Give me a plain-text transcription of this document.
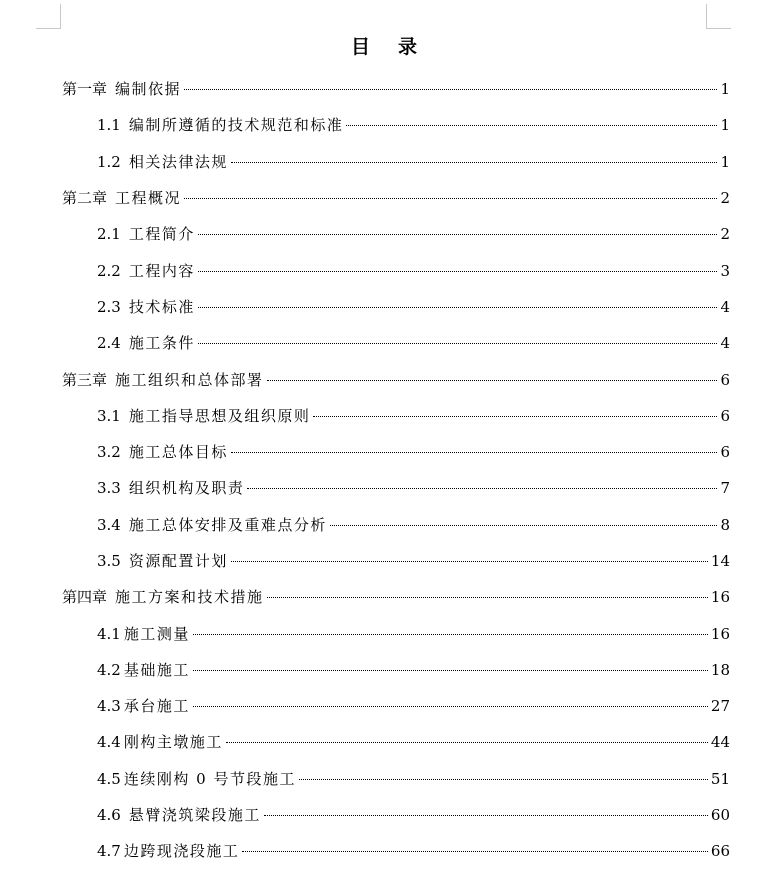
目 录
第一章 编制依据	1
1.1 编制所遵循的技术规范和标准	1
1.2 相关法律法规	1
第二章 工程概况	2
2.1 工程简介	2
2.2 工程内容	3
2.3 技术标准	4
2.4 施工条件	4
第三章 施工组织和总体部署	6
3.1 施工指导思想及组织原则	6
3.2 施工总体目标	6
3.3 组织机构及职责	7
3.4 施工总体安排及重难点分析	8
3.5 资源配置计划	14
第四章 施工方案和技术措施	16
4.1 施工测量	16
4.2 基础施工	18
4.3 承台施工	27
4.4 刚构主墩施工	44
4.5 连续刚构 0 号节段施工	51
4.6 悬臂浇筑梁段施工	60
4.7 边跨现浇段施工	66
